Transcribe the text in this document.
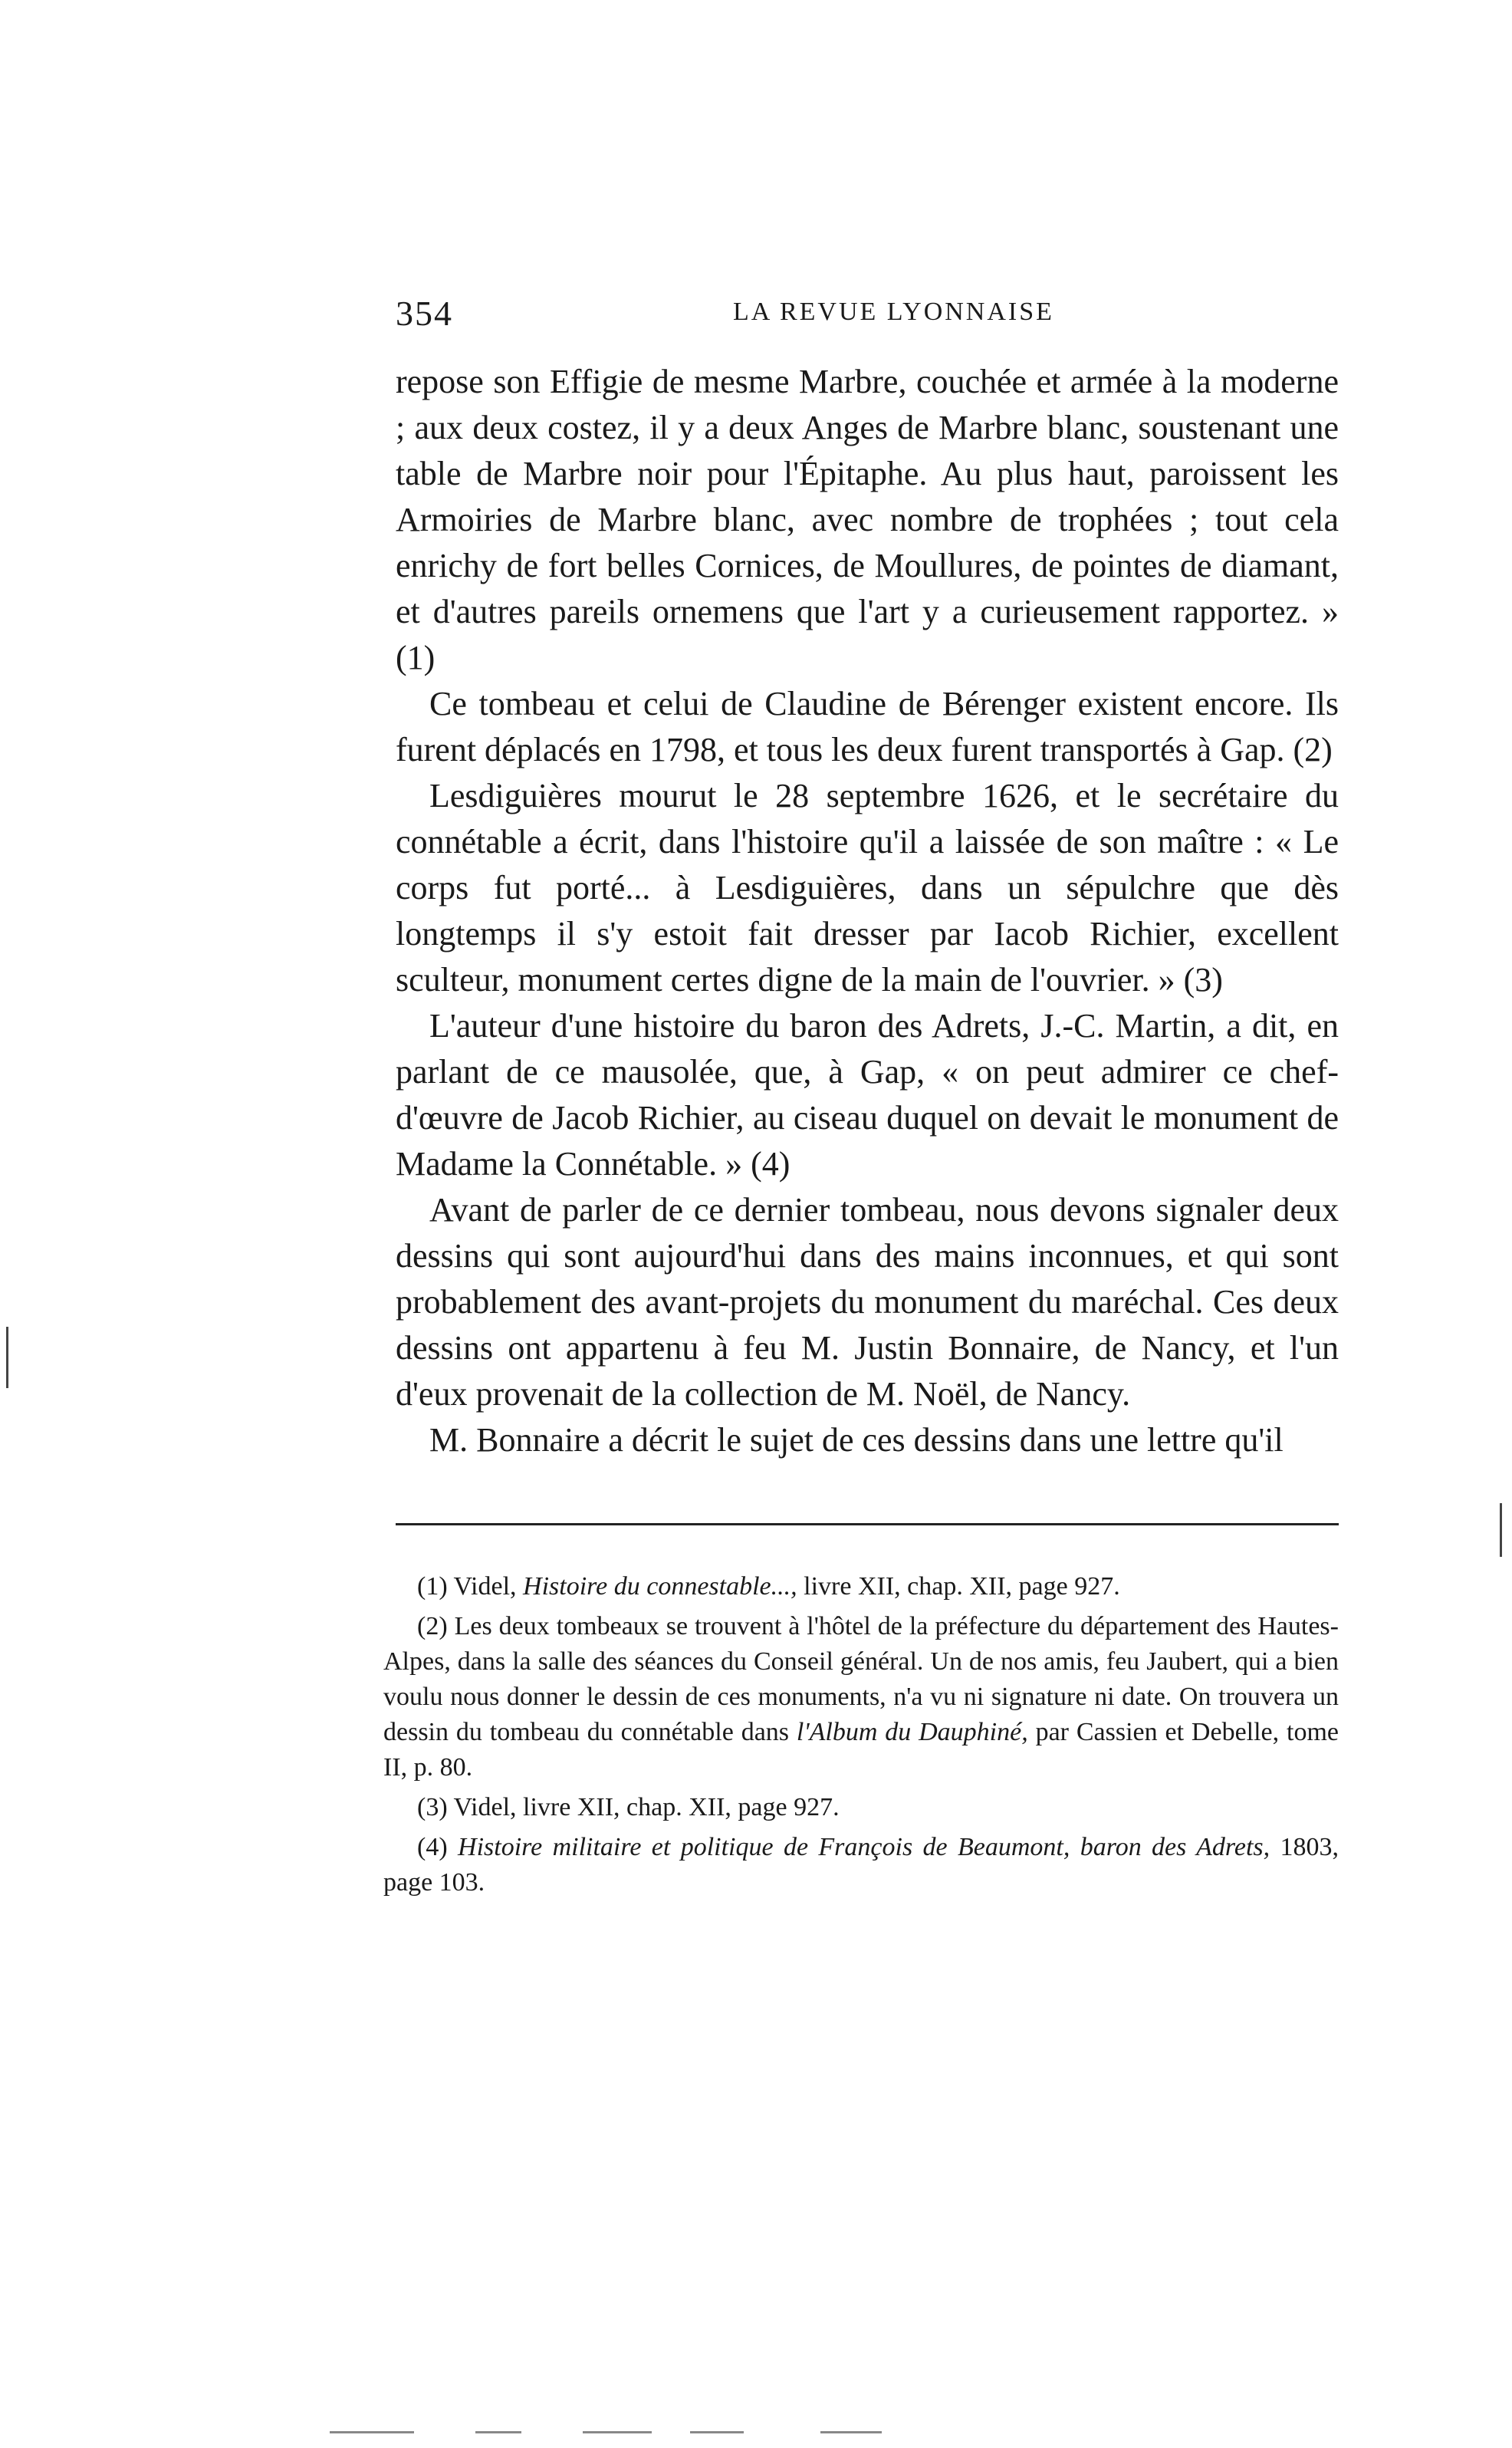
354	LA REVUE LYONNAISE

repose son Effigie de mesme Marbre, couchée et armée à la moderne ; aux deux costez, il y a deux Anges de Marbre blanc, soustenant une table de Marbre noir pour l'Épitaphe. Au plus haut, paroissent les Armoiries de Marbre blanc, avec nombre de trophées ; tout cela enrichy de fort belles Cornices, de Moullures, de pointes de diamant, et d'autres pareils ornemens que l'art y a curieusement rapportez. » (1)

Ce tombeau et celui de Claudine de Bérenger existent encore. Ils furent déplacés en 1798, et tous les deux furent transportés à Gap. (2)

Lesdiguières mourut le 28 septembre 1626, et le secrétaire du connétable a écrit, dans l'histoire qu'il a laissée de son maître : « Le corps fut porté... à Lesdiguières, dans un sépulchre que dès longtemps il s'y estoit fait dresser par Iacob Richier, excellent sculteur, monument certes digne de la main de l'ouvrier. » (3)

L'auteur d'une histoire du baron des Adrets, J.-C. Martin, a dit, en parlant de ce mausolée, que, à Gap, « on peut admirer ce chef-d'œuvre de Jacob Richier, au ciseau duquel on devait le monument de Madame la Connétable. » (4)

Avant de parler de ce dernier tombeau, nous devons signaler deux dessins qui sont aujourd'hui dans des mains inconnues, et qui sont probablement des avant-projets du monument du maréchal. Ces deux dessins ont appartenu à feu M. Justin Bonnaire, de Nancy, et l'un d'eux provenait de la collection de M. Noël, de Nancy.

M. Bonnaire a décrit le sujet de ces dessins dans une lettre qu'il

(1) Videl, Histoire du connestable..., livre XII, chap. XII, page 927.

(2) Les deux tombeaux se trouvent à l'hôtel de la préfecture du département des Hautes-Alpes, dans la salle des séances du Conseil général. Un de nos amis, feu Jaubert, qui a bien voulu nous donner le dessin de ces monuments, n'a vu ni signature ni date. On trouvera un dessin du tombeau du connétable dans l'Album du Dauphiné, par Cassien et Debelle, tome II, p. 80.

(3) Videl, livre XII, chap. XII, page 927.

(4) Histoire militaire et politique de François de Beaumont, baron des Adrets, 1803, page 103.
